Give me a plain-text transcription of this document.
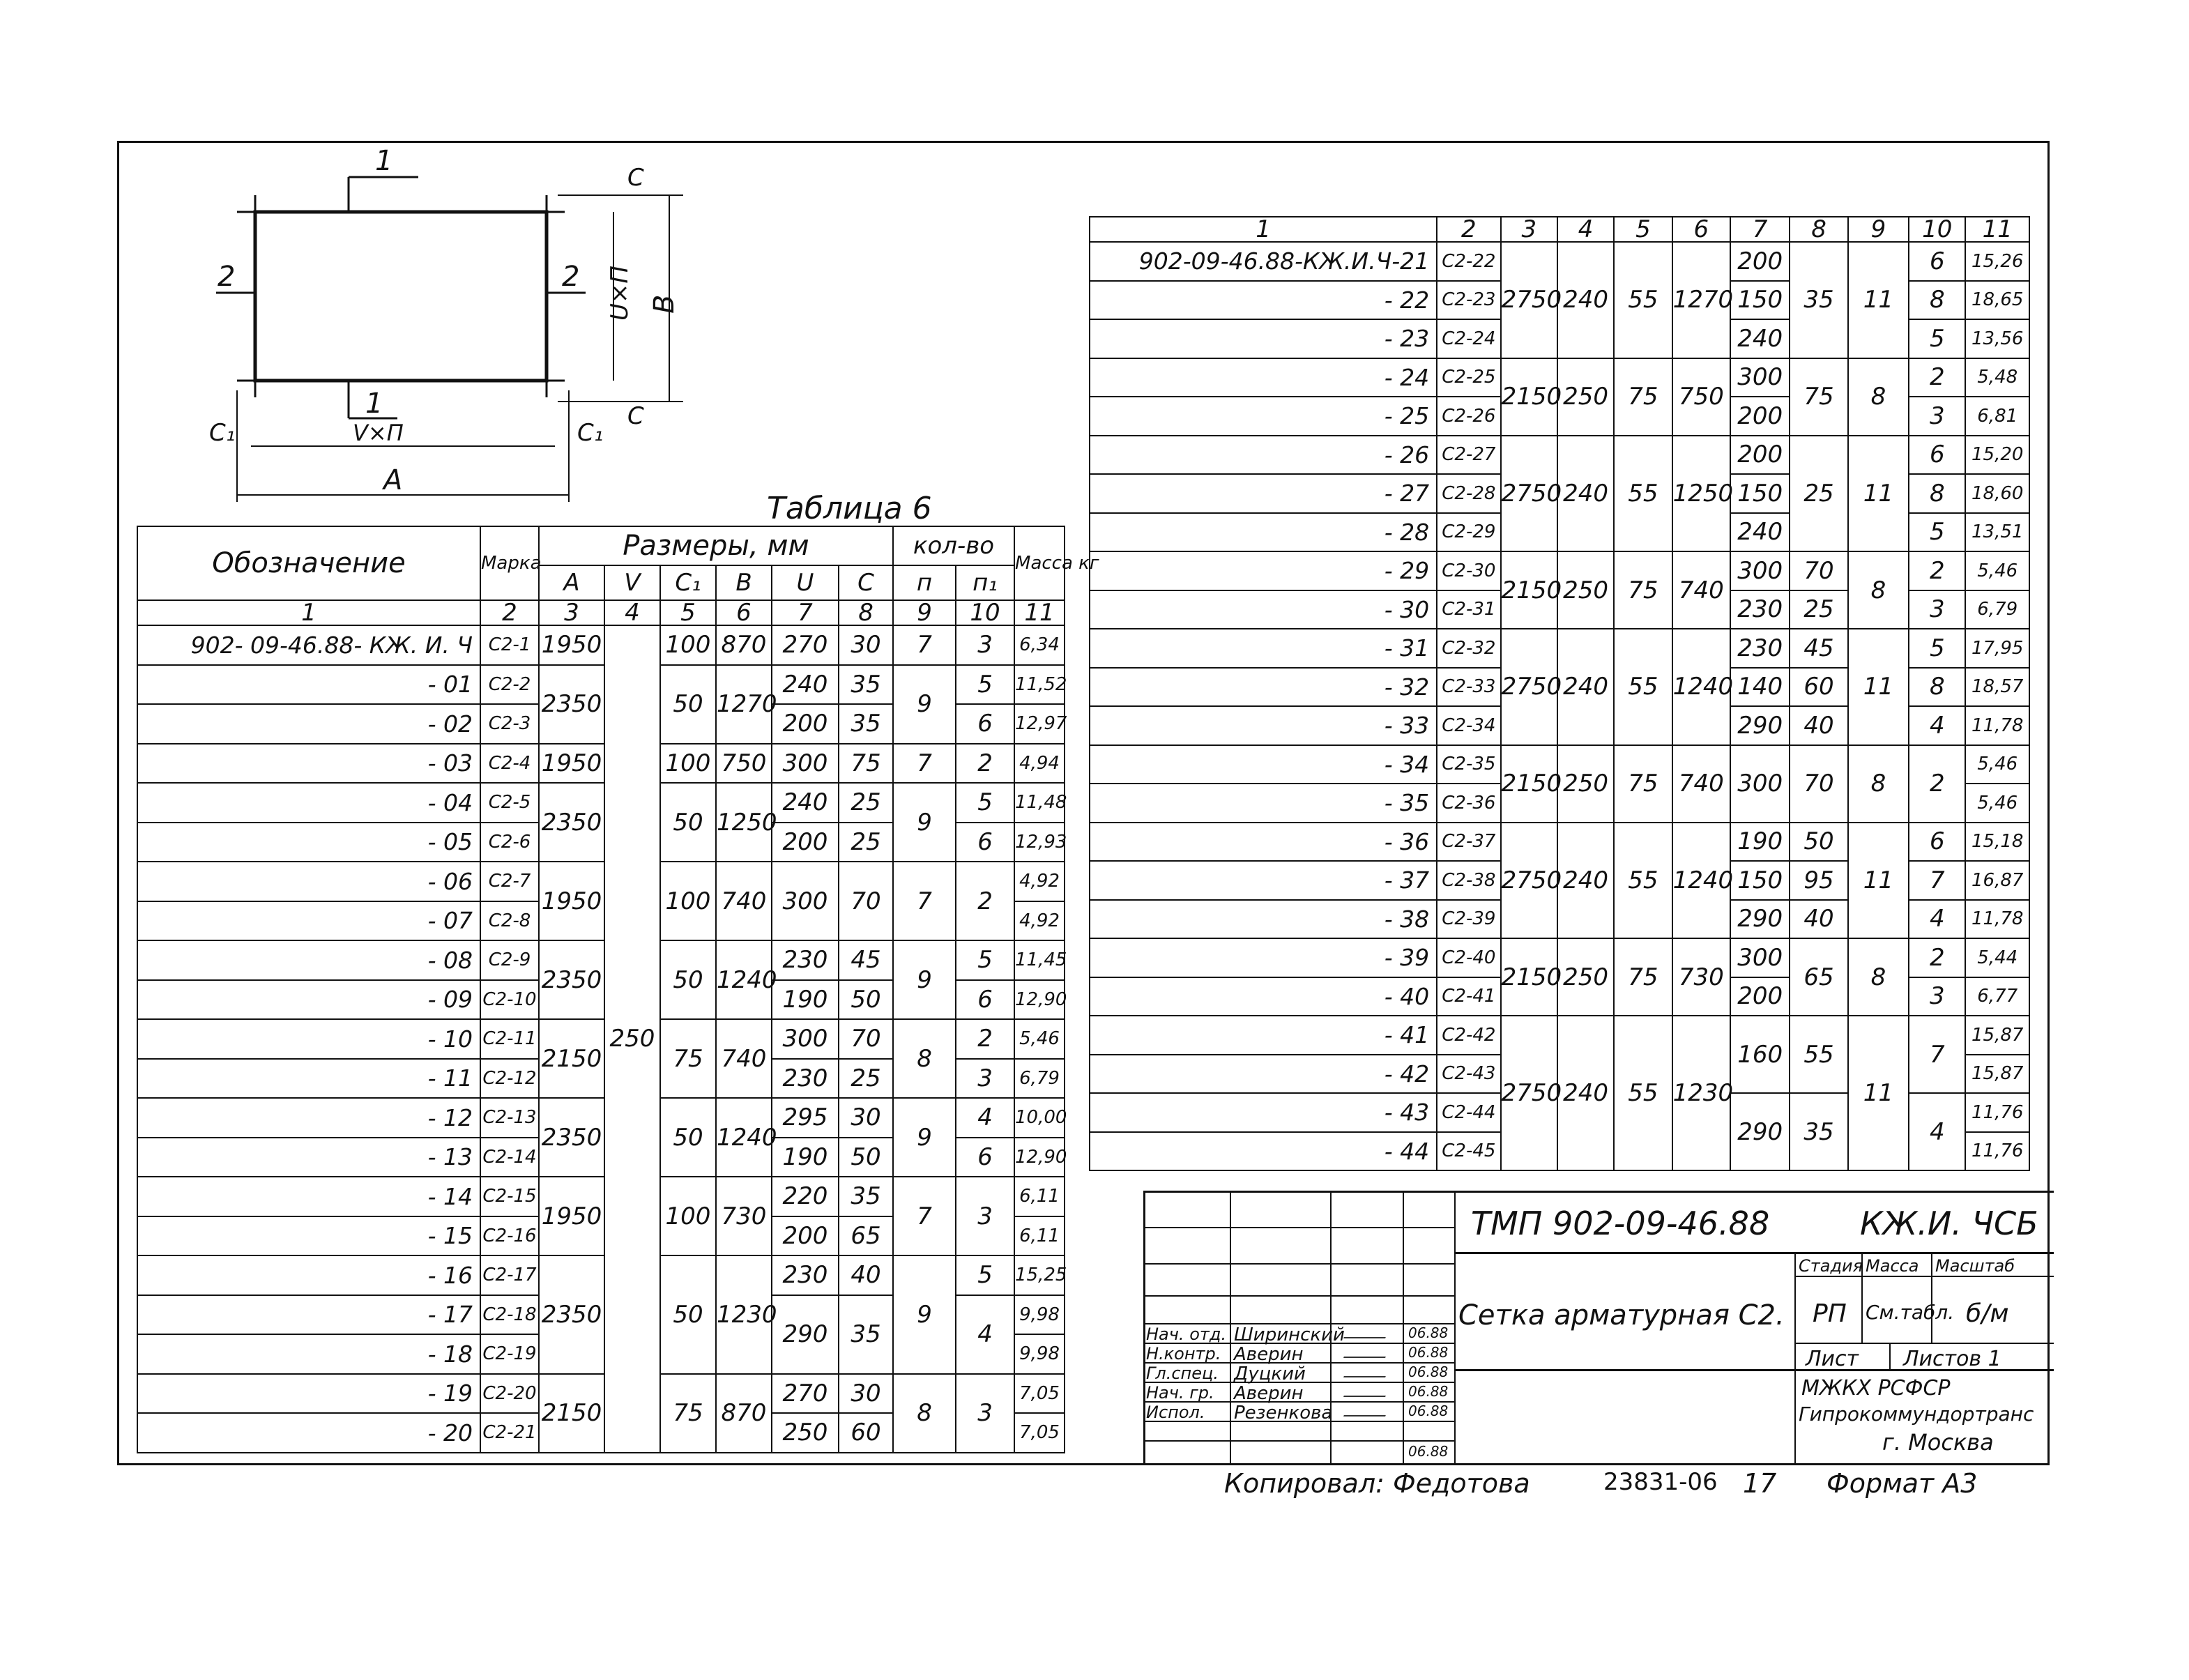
1
1
2	2
C
C
C₁	C₁
V×П
A
U×П B
Таблица 6
Обозначение	Марка	Размеры, мм						кол-во		Масса кг
		A	V	C₁	B	U	C	п	п₁	
1	2	3	4	5	6	7	8	9	10	11
902- 09-46.88- КЖ. И. Ч	С2-1	1950	250	100	870	270	30	7	3	6,34
- 01	С2-2	2350		50	1270	240	35	9	5	11,52
- 02	С2-3					200	35		6	12,97
- 03	С2-4	1950		100	750	300	75	7	2	4,94
- 04	С2-5	2350		50	1250	240	25	9	5	11,48
- 05	С2-6					200	25		6	12,93
- 06	С2-7	1950		100	740	300	70	7	2	4,92
- 07	С2-8									4,92
- 08	С2-9	2350		50	1240	230	45	9	5	11,45
- 09	С2-10					190	50		6	12,90
- 10	С2-11	2150		75	740	300	70	8	2	5,46
- 11	С2-12					230	25		3	6,79
- 12	С2-13	2350		50	1240	295	30	9	4	10,00
- 13	С2-14					190	50		6	12,90
- 14	С2-15	1950		100	730	220	35	7	3	6,11
- 15	С2-16					200	65			6,11
- 16	С2-17	2350		50	1230	230	40	9	5	15,25
- 17	С2-18					290	35		4	9,98
- 18	С2-19									9,98
- 19	С2-20	2150		75	870	270	30	8	3	7,05
- 20	С2-21					250	60			7,05
1	2	3	4	5	6	7	8	9	10	11
902-09-46.88-КЖ.И.Ч-21	С2-22	2750	240	55	1270	200	35	11	6	15,26
- 22	С2-23					150			8	18,65
- 23	С2-24					240			5	13,56
- 24	С2-25	2150	250	75	750	300	75	8	2	5,48
- 25	С2-26					200			3	6,81
- 26	С2-27	2750	240	55	1250	200	25	11	6	15,20
- 27	С2-28					150			8	18,60
- 28	С2-29					240			5	13,51
- 29	С2-30	2150	250	75	740	300	70	8	2	5,46
- 30	С2-31					230	25		3	6,79
- 31	С2-32	2750	240	55	1240	230	45	11	5	17,95
- 32	С2-33					140	60		8	18,57
- 33	С2-34					290	40		4	11,78
- 34	С2-35	2150	250	75	740	300	70	8	2	5,46
- 35	С2-36									5,46
- 36	С2-37	2750	240	55	1240	190	50	11	6	15,18
- 37	С2-38					150	95		7	16,87
- 38	С2-39					290	40		4	11,78
- 39	С2-40	2150	250	75	730	300	65	8	2	5,44
- 40	С2-41					200			3	6,77
- 41	С2-42	2750	240	55	1230	160	55	11	7	15,87
- 42	С2-43									15,87
- 43	С2-44					290	35		4	11,76
- 44	С2-45									11,76
ТМП 902-09-46.88	КЖ.И. ЧСБ
Сетка арматурная С2.
Стадия Масса Масштаб
РП См.табл. б/м
Лист Листов 1
МЖКХ РСФСР
Гипрокоммундортранс
г. Москва
Нач. отд. Ширинский	06.88
Н.контр. Аверин	06.88
Гл.спец. Дуцкий	06.88
Нач. гр. Аверин	06.88
Испол. Резенкова	06.88
06.88
Копировал: Федотова	23831-06 17 Формат А3
